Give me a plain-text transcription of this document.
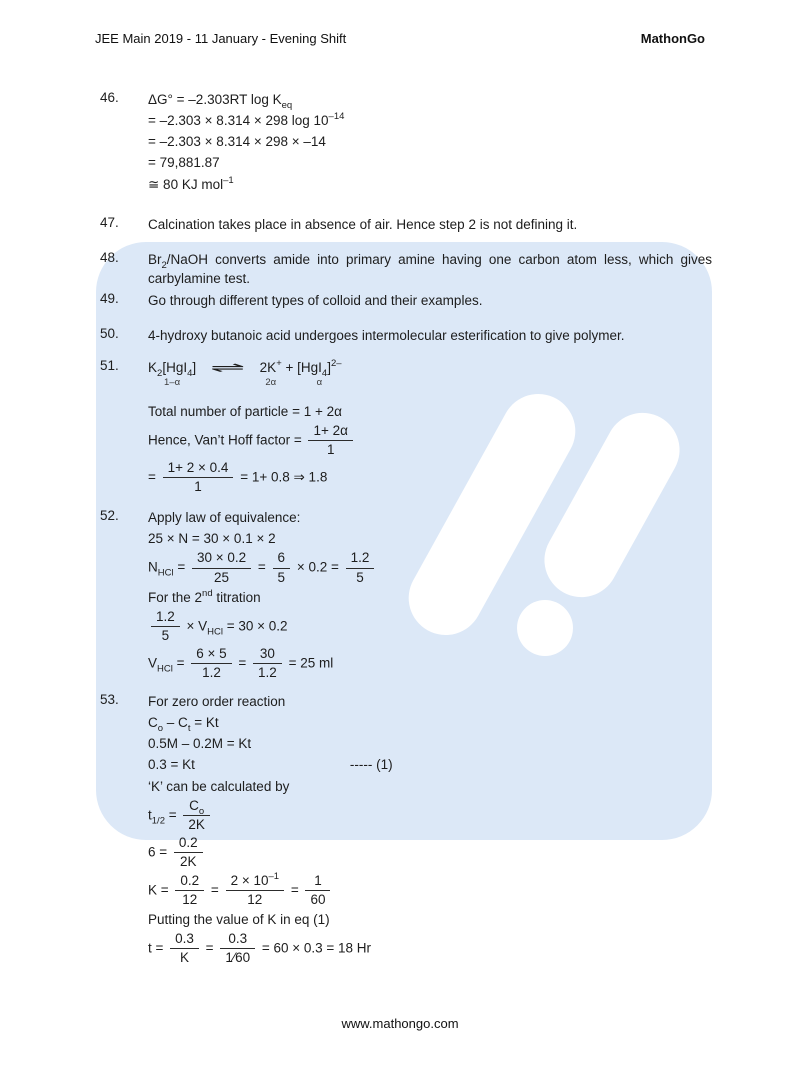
JEE Main 2019 - 11 January - Evening Shift	MathonGo
46.	ΔG° = –2.303RT $\log K_{eq}$
= –2.303 × 8.314 × 298 $\log 10^{-14}$
= –2.303 × 8.314 × 298 × –14
= 79,881.87
≅ 80 KJ mol$^{-1}$
47.	Calcination takes place in absence of air. Hence step 2 is not defining it.
48.	$Br_2$/NaOH converts amide into primary amine having one carbon atom less, which gives carbylamine test.
49.	Go through different types of colloid and their examples.
50.	4-hydroxy butanoic acid undergoes intermolecular esterification to give polymer.
51.	$K_2[HgI_4]$
1–α
⇌ 2K+
2α
+ $[HgI_4]^{2-}$
α
Total number of particle = 1 + 2α
Hence, Van’t Hoff factor = $\frac{1+ 2\alpha}{1}$
= $\frac{1+ 2 \times 0.4}{1} = 1+ 0.8$ ⇒ 1.8
52.	Apply law of equivalence:
25 × N = 30 × 0.1 × 2
$N_{HCl} = \frac{30 \times 0.2}{25} = \frac{6}{5} \times 0.2 = \frac{1.2}{5}$
For the 2nd titration
$\frac{1.2}{5} \times V_{HCl} = 30 \times 0.2$
$V_{HCl} = \frac{6 \times 5}{1.2} = \frac{30}{1.2} = 25$ ml
53.	For zero order reaction
$C_o - C_t = Kt$
0.5M – 0.2M = Kt
0.3 = Kt	----- (1)
‘K’ can be calculated by
$t_{1/2} = \frac{C_o}{2K}$
$6 = \frac{0.2}{2K}$
$K = \frac{0.2}{12} = \frac{2 \times 10^{-1}}{12} = \frac{1}{60}$
Putting the value of K in eq (1)
$t = \frac{0.3}{K} = \frac{0.3}{1⁄60} = 60 \times 0.3 = 18$ Hr
www.mathongo.com
